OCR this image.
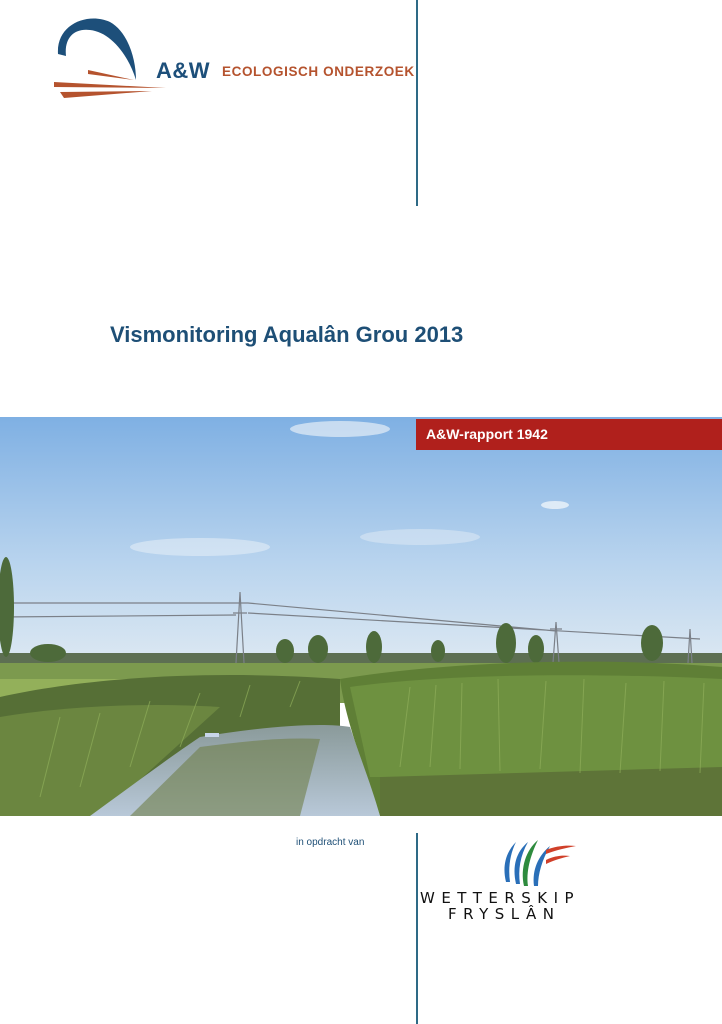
A&W ECOLOGISCH ONDERZOEK
Vismonitoring Aqualân Grou 2013
A&W-rapport 1942
in opdracht van
WETTERSKIP
FRYSLÂN
